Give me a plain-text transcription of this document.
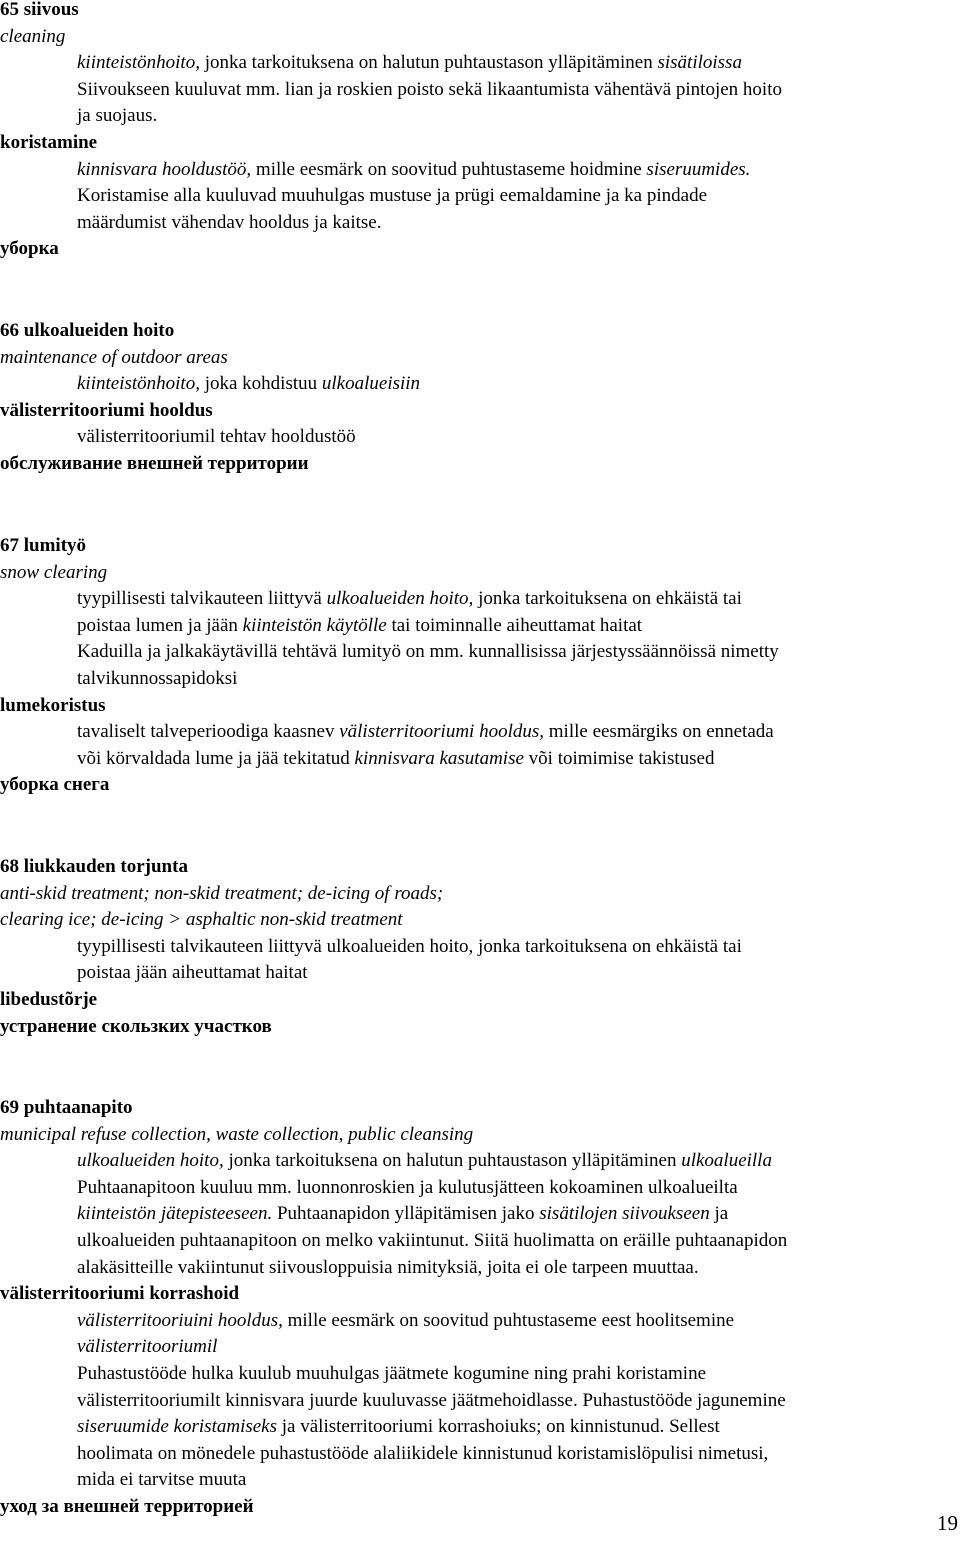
65 siivous
cleaning
kiinteistönhoito, jonka tarkoituksena on halutun puhtaustason ylläpitäminen sisätiloissa
Siivoukseen kuuluvat mm. lian ja roskien poisto sekä likaantumista vähentävä pintojen hoito
ja suojaus.
koristamine
kinnisvara hooldustöö, mille eesmärk on soovitud puhtustaseme hoidmine siseruumides.
Koristamise alla kuuluvad muuhulgas mustuse ja prügi eemaldamine ja ka pindade
määrdumist vähendav hooldus ja kaitse.
уборка
66 ulkoalueiden hoito
maintenance of outdoor areas
kiinteistönhoito, joka kohdistuu ulkoalueisiin
välisterritooriumi hooldus
välisterritooriumil tehtav hooldustöö
обслуживание внешней территории
67 lumityö
snow clearing
tyypillisesti talvikauteen liittyvä ulkoalueiden hoito, jonka tarkoituksena on ehkäistä tai
poistaa lumen ja jään kiinteistön käytölle tai toiminnalle aiheuttamat haitat
Kaduilla ja jalkakäytävillä tehtävä lumityö on mm. kunnallisissa järjestyssäännöissä nimetty
talvikunnossapidoksi
lumekoristus
tavaliselt talveperioodiga kaasnev välisterritooriumi hooldus, mille eesmärgiks on ennetada
või körvaldada lume ja jää tekitatud kinnisvara kasutamise või toimimise takistused
уборка снега
68 liukkauden torjunta
anti-skid treatment; non-skid treatment; de-icing of roads;
clearing ice; de-icing > asphaltic non-skid treatment
tyypillisesti talvikauteen liittyvä ulkoalueiden hoito, jonka tarkoituksena on ehkäistä tai
poistaa jään aiheuttamat haitat
libedustõrje
устранение скользких участков
69 puhtaanapito
municipal refuse collection, waste collection, public cleansing
ulkoalueiden hoito, jonka tarkoituksena on halutun puhtaustason ylläpitäminen ulkoalueilla
Puhtaanapitoon kuuluu mm. luonnonroskien ja kulutusjätteen kokoaminen ulkoalueilta
kiinteistön jätepisteeseen. Puhtaanapidon ylläpitämisen jako sisätilojen siivoukseen ja
ulkoalueiden puhtaanapitoon on melko vakiintunut. Siitä huolimatta on eräille puhtaanapidon
alakäsitteille vakiintunut siivousloppuisia nimityksiä, joita ei ole tarpeen muuttaa.
välisterritooriumi korrashoid
välisterritooriuini hooldus, mille eesmärk on soovitud puhtustaseme eest hoolitsemine
välisterritooriumil
Puhastustööde hulka kuulub muuhulgas jäätmete kogumine ning prahi koristamine
välisterritooriumilt kinnisvara juurde kuuluvasse jäätmehoidlasse. Puhastustööde jagunemine
siseruumide koristamiseks ja välisterritooriumi korrashoiuks; on kinnistunud. Sellest
hoolimata on mönedele puhastustööde alaliikidele kinnistunud koristamislöpulisi nimetusi,
mida ei tarvitse muuta
уход за внешней территорией
19
